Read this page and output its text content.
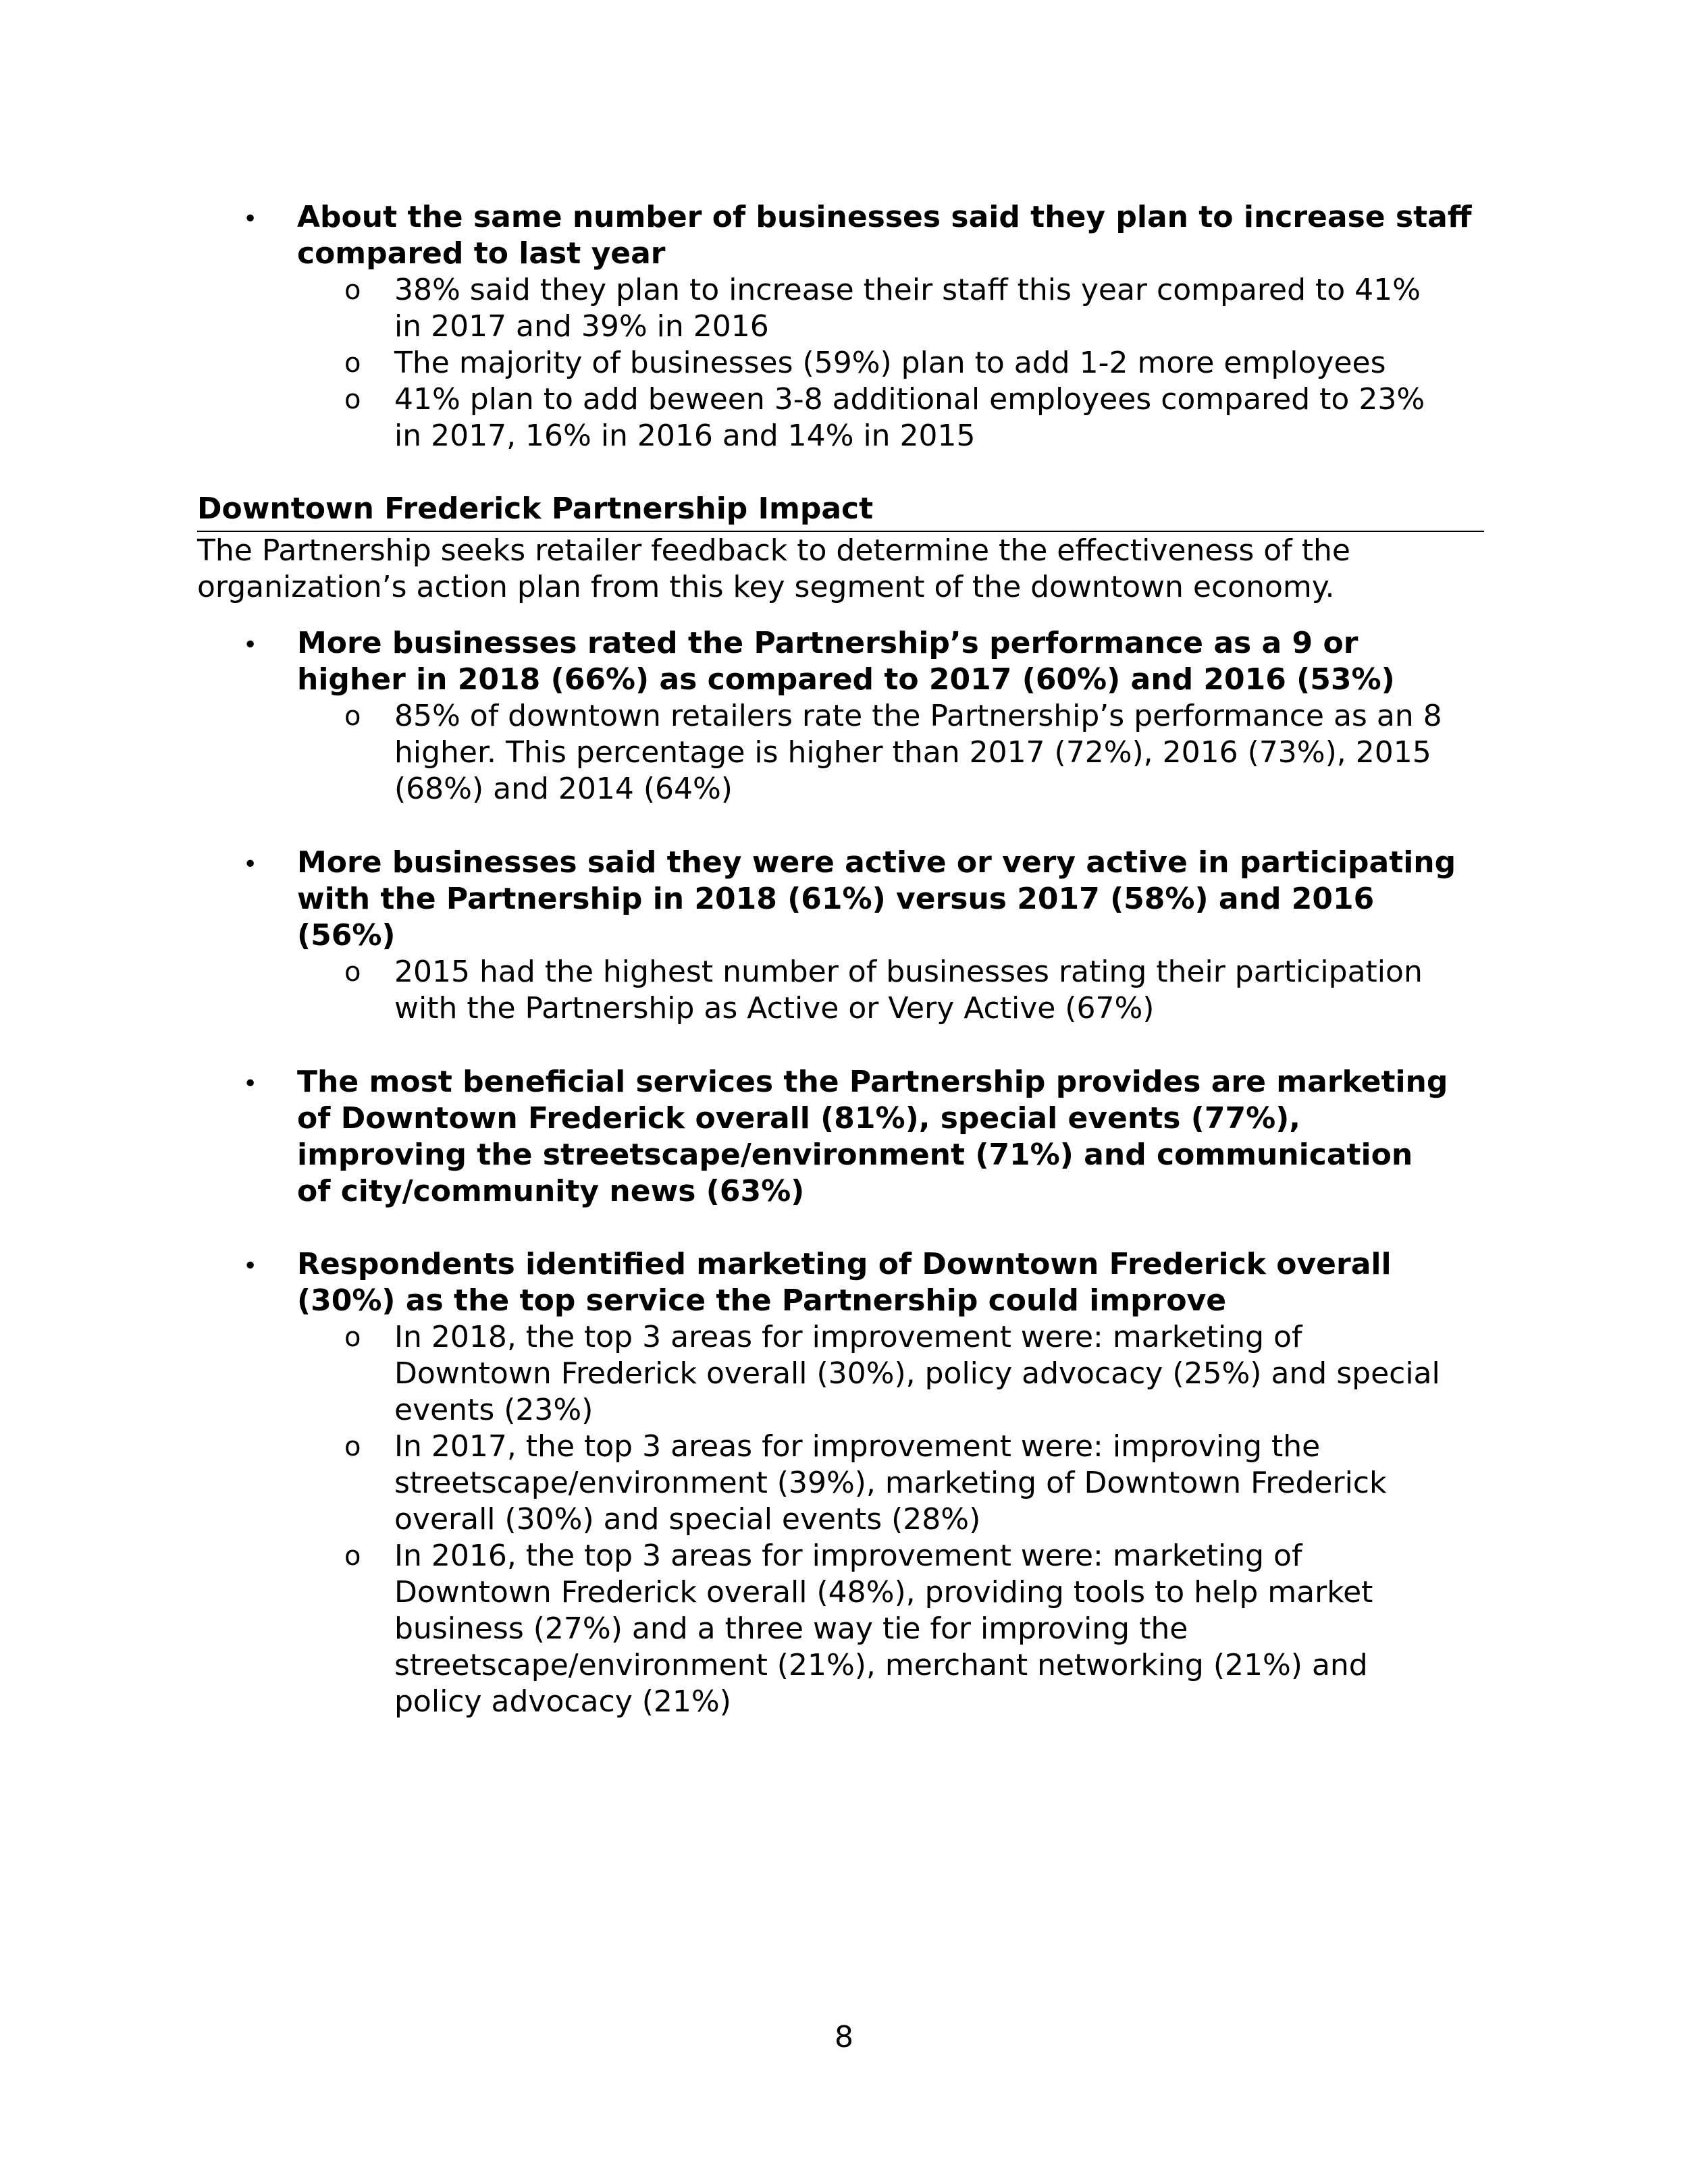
• About the same number of businesses said they plan to increase staff
compared to last year
o 38% said they plan to increase their staff this year compared to 41%
in 2017 and 39% in 2016
o The majority of businesses (59%) plan to add 1-2 more employees
o 41% plan to add beween 3-8 additional employees compared to 23%
in 2017, 16% in 2016 and 14% in 2015
Downtown Frederick Partnership Impact
The Partnership seeks retailer feedback to determine the effectiveness of the
organization’s action plan from this key segment of the downtown economy.
• More businesses rated the Partnership’s performance as a 9 or
higher in 2018 (66%) as compared to 2017 (60%) and 2016 (53%)
o 85% of downtown retailers rate the Partnership’s performance as an 8
higher. This percentage is higher than 2017 (72%), 2016 (73%), 2015
(68%) and 2014 (64%)
• More businesses said they were active or very active in participating
with the Partnership in 2018 (61%) versus 2017 (58%) and 2016
(56%)
o 2015 had the highest number of businesses rating their participation
with the Partnership as Active or Very Active (67%)
• The most beneficial services the Partnership provides are marketing
of Downtown Frederick overall (81%), special events (77%),
improving the streetscape/environment (71%) and communication
of city/community news (63%)
• Respondents identified marketing of Downtown Frederick overall
(30%) as the top service the Partnership could improve
o In 2018, the top 3 areas for improvement were: marketing of
Downtown Frederick overall (30%), policy advocacy (25%) and special
events (23%)
o In 2017, the top 3 areas for improvement were: improving the
streetscape/environment (39%), marketing of Downtown Frederick
overall (30%) and special events (28%)
o In 2016, the top 3 areas for improvement were: marketing of
Downtown Frederick overall (48%), providing tools to help market
business (27%) and a three way tie for improving the
streetscape/environment (21%), merchant networking (21%) and
policy advocacy (21%)
8
